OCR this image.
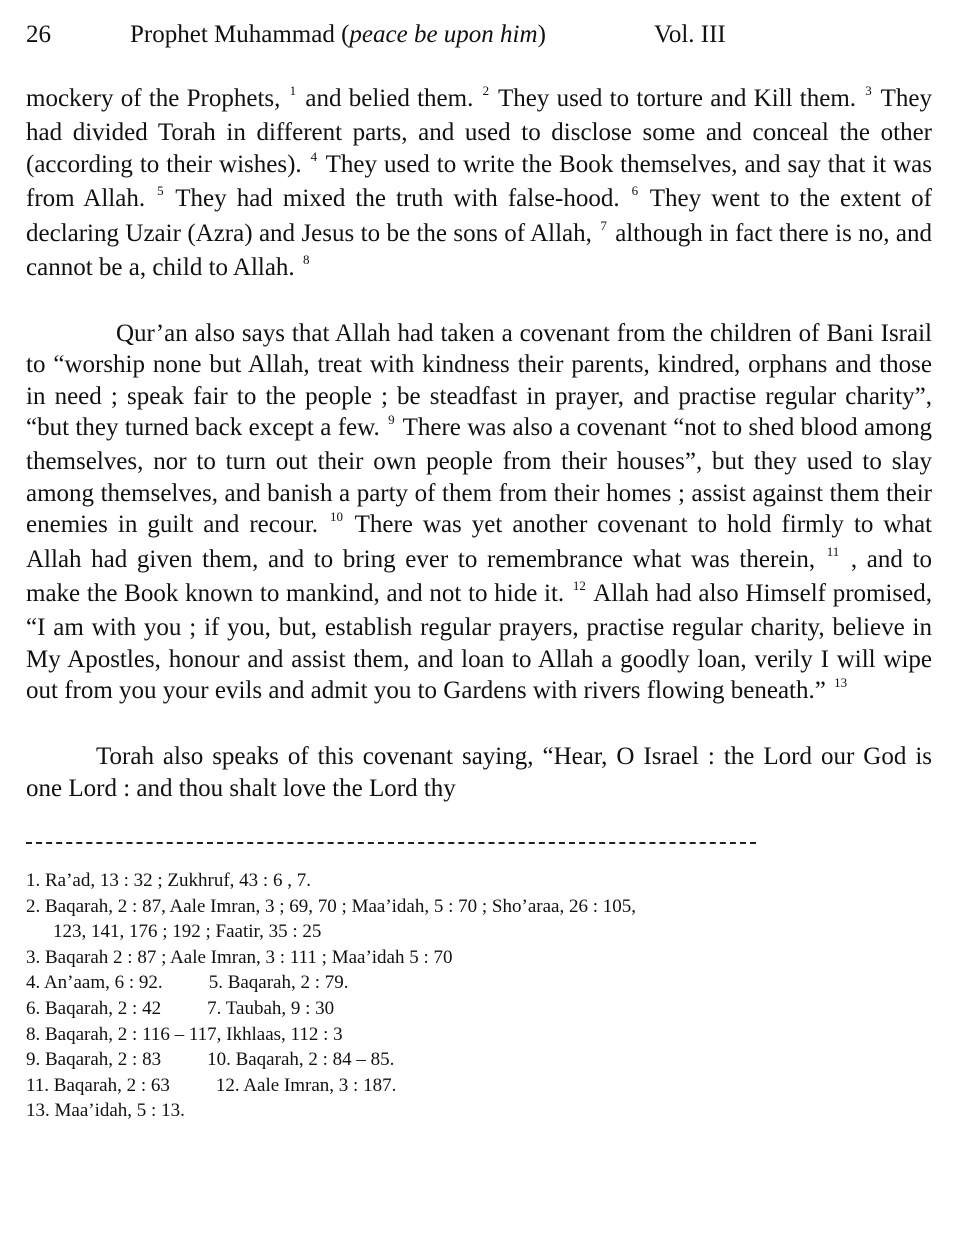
26	Prophet Muhammad (peace be upon him)	Vol. III

mockery of the Prophets, $^1$ and belied them. $^2$ They used to torture and Kill them. $^3$ They had divided Torah in different parts, and used to disclose some and conceal the other (according to their wishes). $^4$ They used to write the Book themselves, and say that it was from Allah. $^5$ They had mixed the truth with false-hood. $^6$ They went to the extent of declaring Uzair (Azra) and Jesus to be the sons of Allah, $^7$ although in fact there is no, and cannot be a, child to Allah. $^8$

Qur’an also says that Allah had taken a covenant from the children of Bani Israil to “worship none but Allah, treat with kindness their parents, kindred, orphans and those in need ; speak fair to the people ; be steadfast in prayer, and practise regular charity”, “but they turned back except a few. $^9$ There was also a covenant “not to shed blood among themselves, nor to turn out their own people from their houses”, but they used to slay among themselves, and banish a party of them from their homes ; assist against them their enemies in guilt and recour. $^{10}$ There was yet another covenant to hold firmly to what Allah had given them, and to bring ever to remembrance what was therein, $^{11}$ , and to make the Book known to mankind, and not to hide it. $^{12}$ Allah had also Himself promised, “I am with you ; if you, but, establish regular prayers, practise regular charity, believe in My Apostles, honour and assist them, and loan to Allah a goodly loan, verily I will wipe out from you your evils and admit you to Gardens with rivers flowing beneath.” $^{13}$

Torah also speaks of this covenant saying, “Hear, O Israel : the Lord our God is one Lord : and thou shalt love the Lord thy

1. Ra’ad, 13 : 32 ; Zukhruf, 43 : 6 , 7.
2. Baqarah, 2 : 87, Aale Imran, 3 ; 69, 70 ; Maa’idah, 5 : 70 ; Sho’araa, 26 : 105,
123, 141, 176 ; 192 ; Faatir, 35 : 25
3. Baqarah 2 : 87 ; Aale Imran, 3 : 111 ; Maa’idah 5 : 70
4. An’aam, 6 : 92. 5. Baqarah, 2 : 79.
6. Baqarah, 2 : 42 7. Taubah, 9 : 30
8. Baqarah, 2 : 116 – 117, Ikhlaas, 112 : 3
9. Baqarah, 2 : 83 10. Baqarah, 2 : 84 – 85.
11. Baqarah, 2 : 63 12. Aale Imran, 3 : 187.
13. Maa’idah, 5 : 13.
